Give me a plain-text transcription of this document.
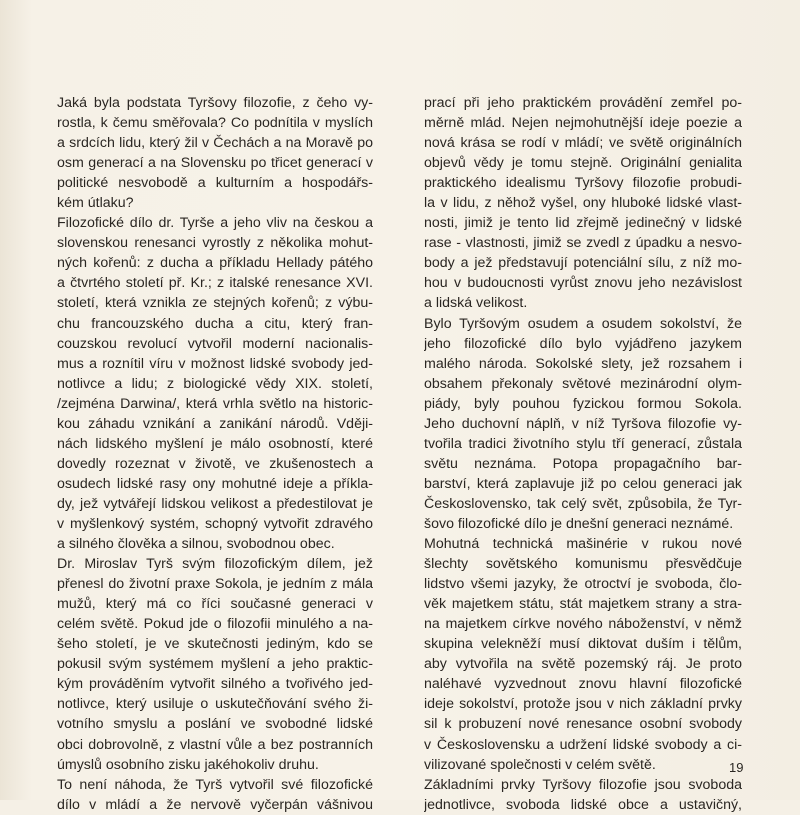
Jaká byla podstata Tyršovy filozofie, z čeho vy-
rostla, k čemu směřovala? Co podnítila v myslích
a srdcích lidu, který žil v Čechách a na Moravě po
osm generací a na Slovensku po třicet generací v
politické nesvobodě a kulturním a hospodářs-
kém útlaku?
Filozofické dílo dr. Tyrše a jeho vliv na českou a
slovenskou renesanci vyrostly z několika mohut-
ných kořenů: z ducha a příkladu Hellady pátého
a čtvrtého století př. Kr.; z italské renesance XVI.
století, která vznikla ze stejných kořenů; z výbu-
chu francouzského ducha a citu, který fran-
couzskou revolucí vytvořil moderní nacionalis-
mus a roznítil víru v možnost lidské svobody jed-
notlivce a lidu; z biologické vědy XIX. století,
/zejména Darwina/, která vrhla světlo na historic-
kou záhadu vznikání a zanikání národů. Vději-
nách lidského myšlení je málo osobností, které
dovedly rozeznat v životě, ve zkušenostech a
osudech lidské rasy ony mohutné ideje a příkla-
dy, jež vytvářejí lidskou velikost a předestilovat je
v myšlenkový systém, schopný vytvořit zdravého
a silného člověka a silnou, svobodnou obec.
Dr. Miroslav Tyrš svým filozofickým dílem, jež
přenesl do životní praxe Sokola, je jedním z mála
mužů, který má co říci současné generaci v
celém světě. Pokud jde o filozofii minulého a na-
šeho století, je ve skutečnosti jediným, kdo se
pokusil svým systémem myšlení a jeho praktic-
kým prováděním vytvořit silného a tvořivého jed-
notlivce, který usiluje o uskutečňování svého ži-
votního smyslu a poslání ve svobodné lidské
obci dobrovolně, z vlastní vůle a bez postranních
úmyslů osobního zisku jakéhokoliv druhu.
To není náhoda, že Tyrš vytvořil své filozofické
dílo v mládí a že nervově vyčerpán vášnivou
prací při jeho praktickém provádění zemřel po-
měrně mlád. Nejen nejmohutnější ideje poezie a
nová krása se rodí v mládí; ve světě originálních
objevů vědy je tomu stejně. Originální genialita
praktického idealismu Tyršovy filozofie probudi-
la v lidu, z něhož vyšel, ony hluboké lidské vlast-
nosti, jimiž je tento lid zřejmě jedinečný v lidské
rase - vlastnosti, jimiž se zvedl z úpadku a nesvo-
body a jež představují potenciální sílu, z níž mo-
hou v budoucnosti vyrůst znovu jeho nezávislost
a lidská velikost.
Bylo Tyršovým osudem a osudem sokolství, že
jeho filozofické dílo bylo vyjádřeno jazykem
malého národa. Sokolské slety, jež rozsahem i
obsahem překonaly světové mezinárodní olym-
piády, byly pouhou fyzickou formou Sokola.
Jeho duchovní náplň, v níž Tyršova filozofie vy-
tvořila tradici životního stylu tří generací, zůstala
světu neznáma. Potopa propagačního bar-
barství, která zaplavuje již po celou generaci jak
Československo, tak celý svět, způsobila, že Tyr-
šovo filozofické dílo je dnešní generaci neznámé.
Mohutná technická mašinérie v rukou nové
šlechty sovětského komunismu přesvědčuje
lidstvo všemi jazyky, že otroctví je svoboda, člo-
věk majetkem státu, stát majetkem strany a stra-
na majetkem církve nového náboženství, v němž
skupina velekněží musí diktovat duším i tělům,
aby vytvořila na světě pozemský ráj. Je proto
naléhavé vyzvednout znovu hlavní filozofické
ideje sokolství, protože jsou v nich základní prvky
sil k probuzení nové renesance osobní svobody
v Československu a udržení lidské svobody a ci-
vilizované společnosti v celém světě.
Základními prvky Tyršovy filozofie jsou svoboda
jednotlivce, svoboda lidské obce a ustavičný,
19
